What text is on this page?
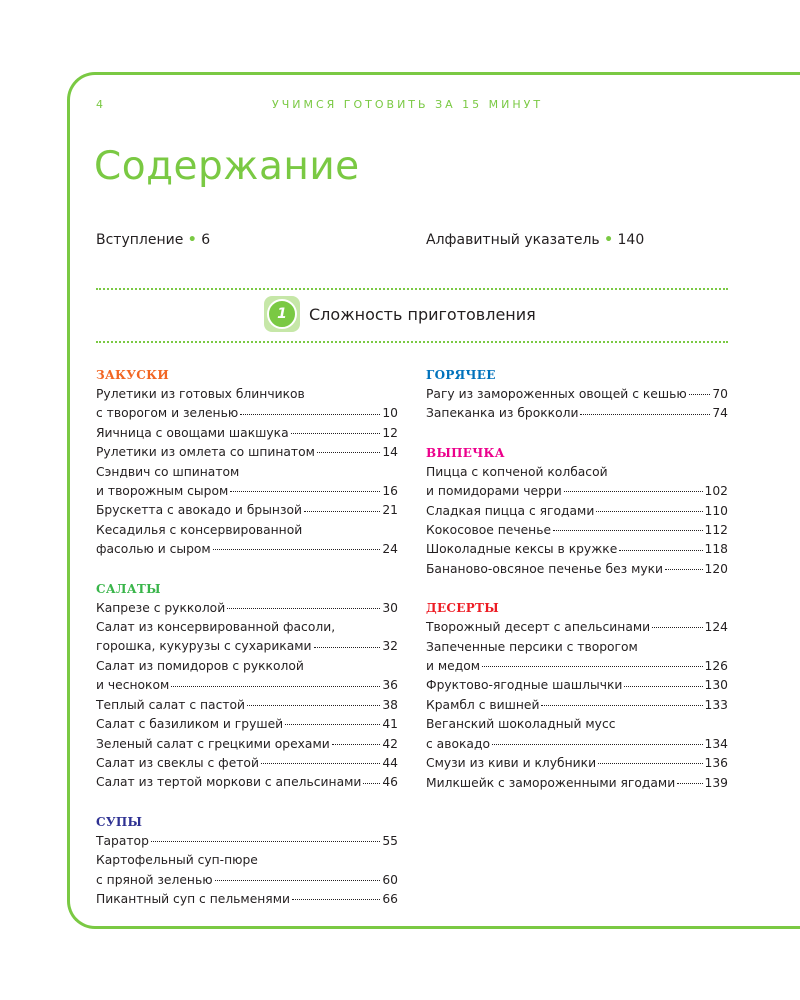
4	УЧИМСЯ ГОТОВИТЬ ЗА 15 МИНУТ
Содержание
Вступление • 6	Алфавитный указатель • 140
1	Сложность приготовления
ЗАКУСКИ
Рулетики из готовых блинчиков
с творогом и зеленью	10
Яичница с овощами шакшука	12
Рулетики из омлета со шпинатом	14
Сэндвич со шпинатом
и творожным сыром	16
Брускетта с авокадо и брынзой	21
Кесадилья с консервированной
фасолью и сыром	24
САЛАТЫ
Капрезе с рукколой	30
Салат из консервированной фасоли,
горошка, кукурузы с сухариками	32
Салат из помидоров с рукколой
и чесноком	36
Теплый салат с пастой	38
Салат с базиликом и грушей	41
Зеленый салат с грецкими орехами	42
Салат из свеклы с фетой	44
Салат из тертой моркови с апельсинами 46
СУПЫ
Таратор	55
Картофельный суп-пюре
с пряной зеленью	60
Пикантный суп с пельменями	66
ГОРЯЧЕЕ
Рагу из замороженных овощей с кешью 70
Запеканка из брокколи	74
ВЫПЕЧКА
Пицца с копченой колбасой
и помидорами черри	102
Сладкая пицца с ягодами	110
Кокосовое печенье	112
Шоколадные кексы в кружке	118
Бананово-овсяное печенье без муки	120
ДЕСЕРТЫ
Творожный десерт с апельсинами	124
Запеченные персики с творогом
и медом	126
Фруктово-ягодные шашлычки	130
Крамбл с вишней	133
Веганский шоколадный мусс
с авокадо	134
Смузи из киви и клубники	136
Милкшейк с замороженными ягодами 139
